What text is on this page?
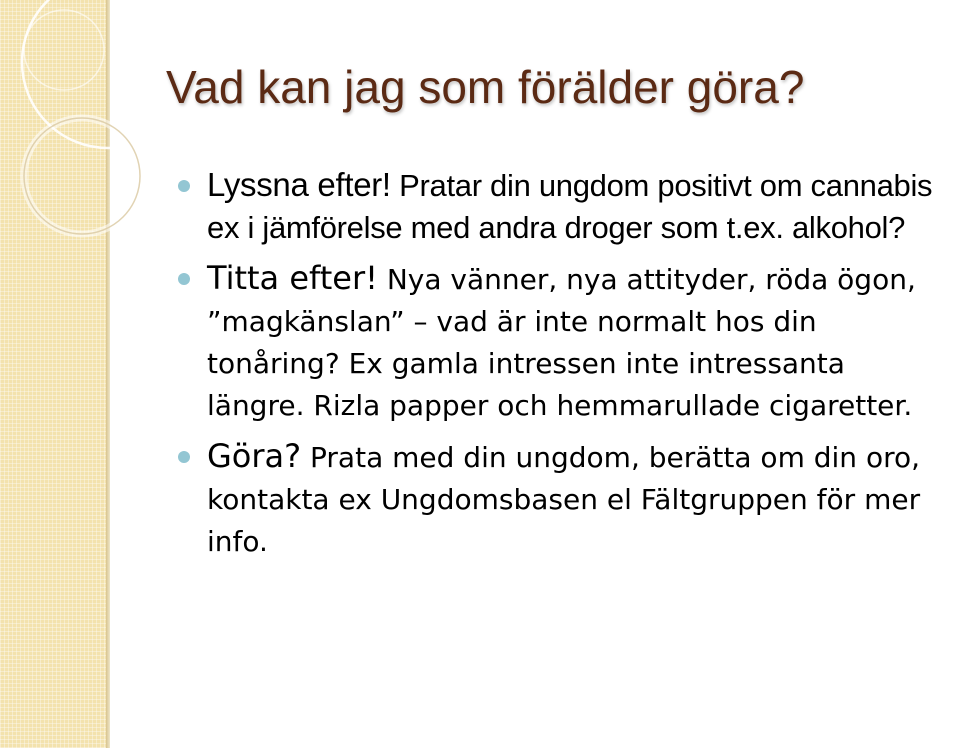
Vad kan jag som förälder göra?
Lyssna efter! Pratar din ungdom positivt om cannabis ex i jämförelse med andra droger som t.ex. alkohol?
Titta efter! Nya vänner, nya attityder, röda ögon, ”magkänslan” – vad är inte normalt hos din tonåring? Ex gamla intressen inte intressanta längre. Rizla papper och hemmarullade cigaretter.
Göra? Prata med din ungdom, berätta om din oro, kontakta ex Ungdomsbasen el Fältgruppen för mer info.
